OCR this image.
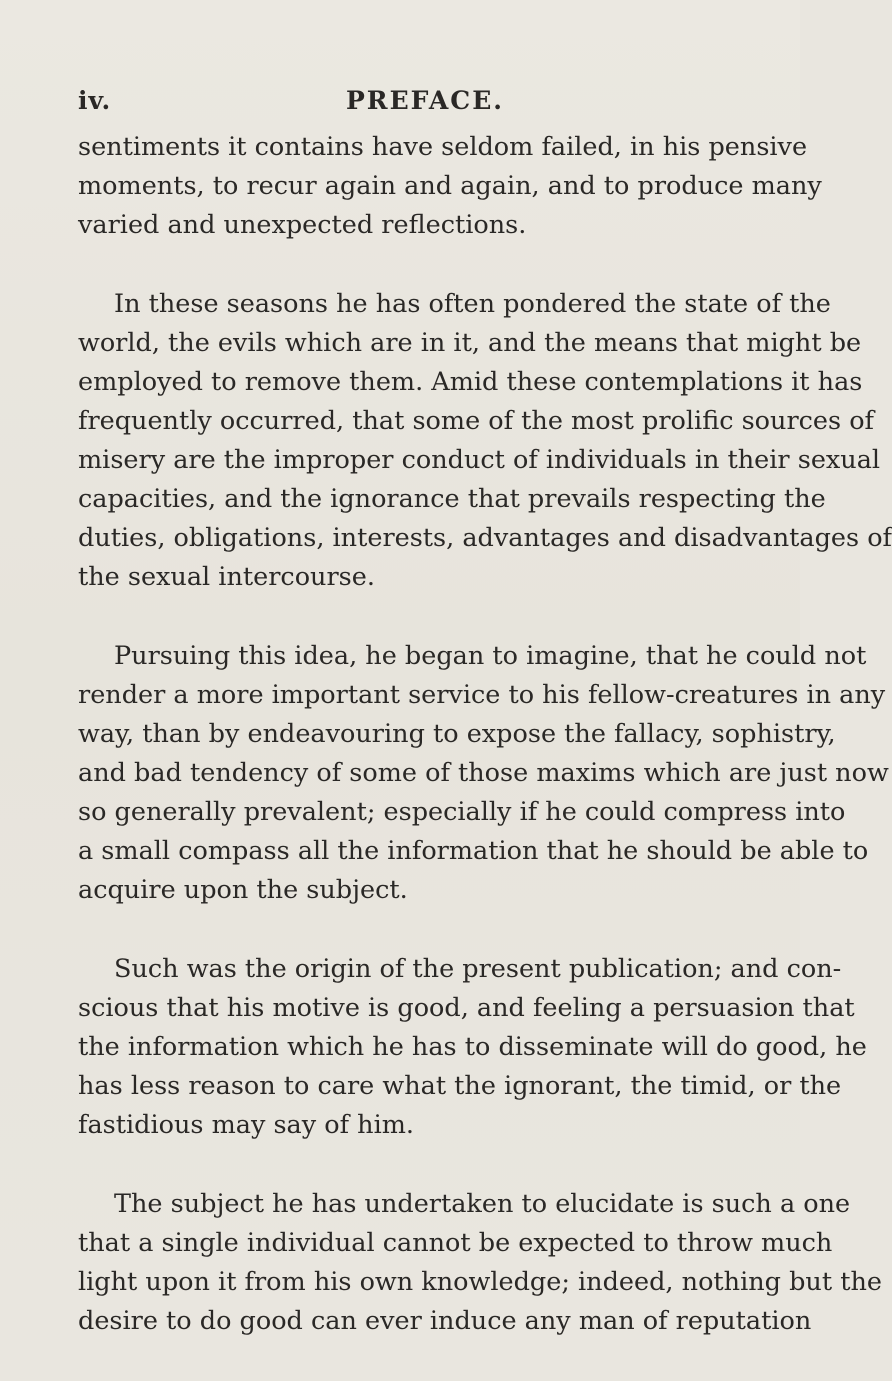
iv.	PREFACE.

sentiments it contains have seldom failed, in his pensive
moments, to recur again and again, and to produce many
varied and unexpected reflections.

In these seasons he has often pondered the state of the
world, the evils which are in it, and the means that might be
employed to remove them. Amid these contemplations it has
frequently occurred, that some of the most prolific sources of
misery are the improper conduct of individuals in their sexual
capacities, and the ignorance that prevails respecting the
duties, obligations, interests, advantages and disadvantages of
the sexual intercourse.

Pursuing this idea, he began to imagine, that he could not
render a more important service to his fellow-creatures in any
way, than by endeavouring to expose the fallacy, sophistry,
and bad tendency of some of those maxims which are just now
so generally prevalent; especially if he could compress into
a small compass all the information that he should be able to
acquire upon the subject.

Such was the origin of the present publication; and con-
scious that his motive is good, and feeling a persuasion that
the information which he has to disseminate will do good, he
has less reason to care what the ignorant, the timid, or the
fastidious may say of him.

The subject he has undertaken to elucidate is such a one
that a single individual cannot be expected to throw much
light upon it from his own knowledge; indeed, nothing but the
desire to do good can ever induce any man of reputation
